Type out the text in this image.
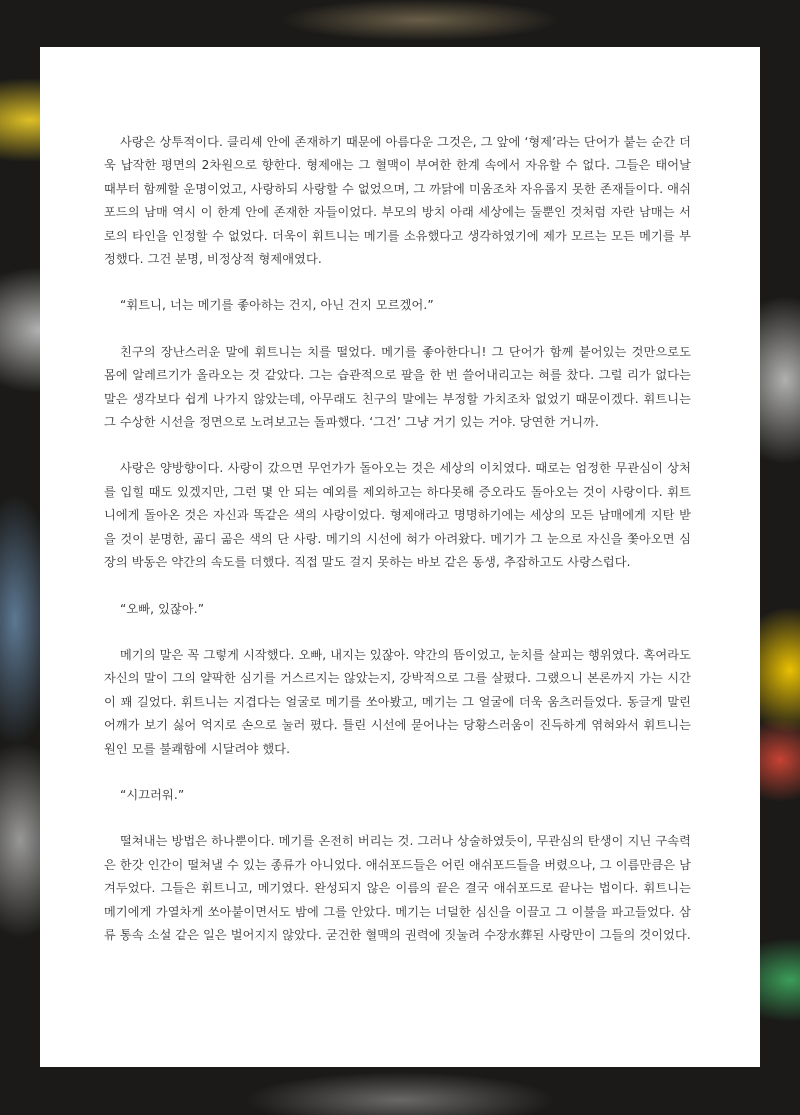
사랑은 상투적이다. 클리셰 안에 존재하기 때문에 아름다운 그것은, 그 앞에 ‘형제’라는 단어가 붙는 순간 더욱 납작한 평면의 2차원으로 향한다. 형제애는 그 혈맥이 부여한 한계 속에서 자유할 수 없다. 그들은 태어날 때부터 함께할 운명이었고, 사랑하되 사랑할 수 없었으며, 그 까닭에 미움조차 자유롭지 못한 존재들이다. 애쉬포드의 남매 역시 이 한계 안에 존재한 자들이었다. 부모의 방치 아래 세상에는 둘뿐인 것처럼 자란 남매는 서로의 타인을 인정할 수 없었다. 더욱이 휘트니는 메기를 소유했다고 생각하였기에 제가 모르는 모든 메기를 부정했다. 그건 분명, 비정상적 형제애였다.

“휘트니, 너는 메기를 좋아하는 건지, 아닌 건지 모르겠어.”

친구의 장난스러운 말에 휘트니는 치를 떨었다. 메기를 좋아한다니! 그 단어가 함께 붙어있는 것만으로도 몸에 알레르기가 올라오는 것 같았다. 그는 습관적으로 팔을 한 번 쓸어내리고는 혀를 찼다. 그럴 리가 없다는 말은 생각보다 쉽게 나가지 않았는데, 아무래도 친구의 말에는 부정할 가치조차 없었기 때문이겠다. 휘트니는 그 수상한 시선을 정면으로 노려보고는 돌파했다. ‘그건’ 그냥 거기 있는 거야. 당연한 거니까.

사랑은 양방향이다. 사랑이 갔으면 무언가가 돌아오는 것은 세상의 이치였다. 때로는 엄정한 무관심이 상처를 입힐 때도 있겠지만, 그런 몇 안 되는 예외를 제외하고는 하다못해 증오라도 돌아오는 것이 사랑이다. 휘트니에게 돌아온 것은 자신과 똑같은 색의 사랑이었다. 형제애라고 명명하기에는 세상의 모든 남매에게 지탄 받을 것이 분명한, 곪디 곪은 색의 단 사랑. 메기의 시선에 혀가 아려왔다. 메기가 그 눈으로 자신을 쫓아오면 심장의 박동은 약간의 속도를 더했다. 직접 말도 걸지 못하는 바보 같은 동생, 추잡하고도 사랑스럽다.

“오빠, 있잖아.”

메기의 말은 꼭 그렇게 시작했다. 오빠, 내지는 있잖아. 약간의 뜸이었고, 눈치를 살피는 행위였다. 혹여라도 자신의 말이 그의 얄팍한 심기를 거스르지는 않았는지, 강박적으로 그를 살폈다. 그랬으니 본론까지 가는 시간이 꽤 길었다. 휘트니는 지겹다는 얼굴로 메기를 쏘아봤고, 메기는 그 얼굴에 더욱 움츠러들었다. 동글게 말린 어깨가 보기 싫어 억지로 손으로 눌러 폈다. 틀린 시선에 묻어나는 당황스러움이 진득하게 엮혀와서 휘트니는 원인 모를 불쾌함에 시달려야 했다.

“시끄러워.”

떨쳐내는 방법은 하나뿐이다. 메기를 온전히 버리는 것. 그러나 상술하였듯이, 무관심의 탄생이 지닌 구속력은 한갓 인간이 떨쳐낼 수 있는 종류가 아니었다. 애쉬포드들은 어린 애쉬포드들을 버렸으나, 그 이름만큼은 남겨두었다. 그들은 휘트니고, 메기였다. 완성되지 않은 이름의 끝은 결국 애쉬포드로 끝나는 법이다. 휘트니는 메기에게 가열차게 쏘아붙이면서도 밤에 그를 안았다. 메기는 너덜한 심신을 이끌고 그 이불을 파고들었다. 삼류 통속 소설 같은 일은 벌어지지 않았다. 굳건한 혈맥의 권력에 짓눌려 수장水葬된 사랑만이 그들의 것이었다.
